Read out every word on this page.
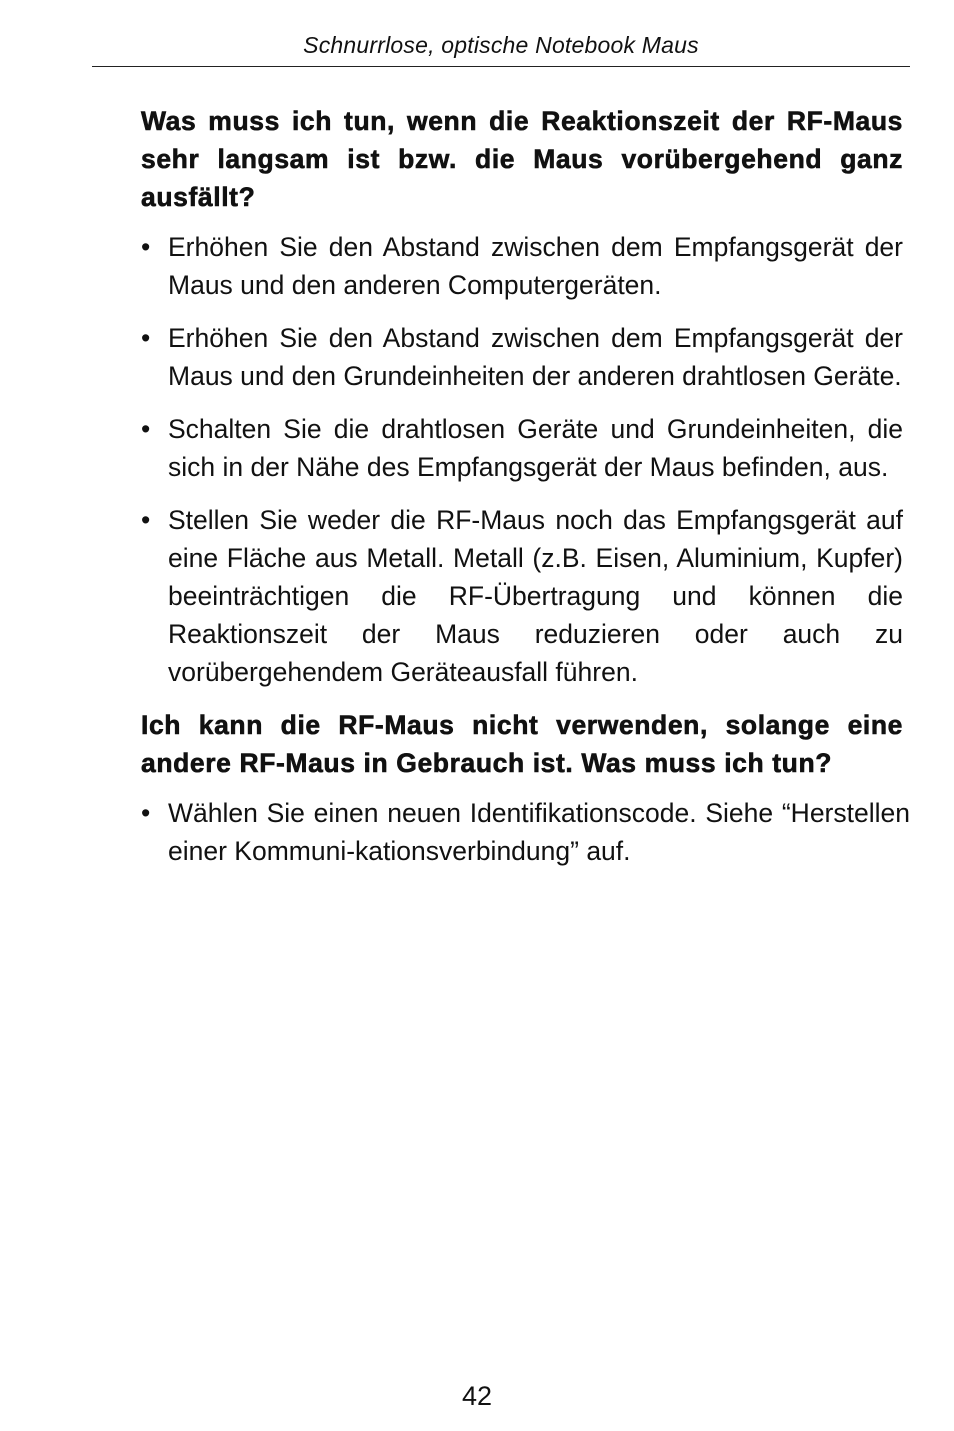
Schnurrlose, optische Notebook Maus
Was muss ich tun, wenn die Reaktionszeit der RF-Maus sehr langsam ist bzw. die Maus vorübergehend ganz ausfällt?
• Erhöhen Sie den Abstand zwischen dem Empfangsgerät der Maus und den anderen Computergeräten.
• Erhöhen Sie den Abstand zwischen dem Empfangsgerät der Maus und den Grundeinheiten der anderen drahtlosen Geräte.
• Schalten Sie die drahtlosen Geräte und Grundeinheiten, die sich in der Nähe des Empfangsgerät der Maus befinden, aus.
• Stellen Sie weder die RF-Maus noch das Empfangsgerät auf eine Fläche aus Metall. Metall (z.B. Eisen, Aluminium, Kupfer) beeinträchtigen die RF-Übertragung und können die Reaktionszeit der Maus reduzieren oder auch zu vorübergehendem Geräteausfall führen.
Ich kann die RF-Maus nicht verwenden, solange eine andere RF-Maus in Gebrauch ist. Was muss ich tun?
• Wählen Sie einen neuen Identifikationscode. Siehe “Herstellen einer Kommuni-kationsverbindung” auf.
42
